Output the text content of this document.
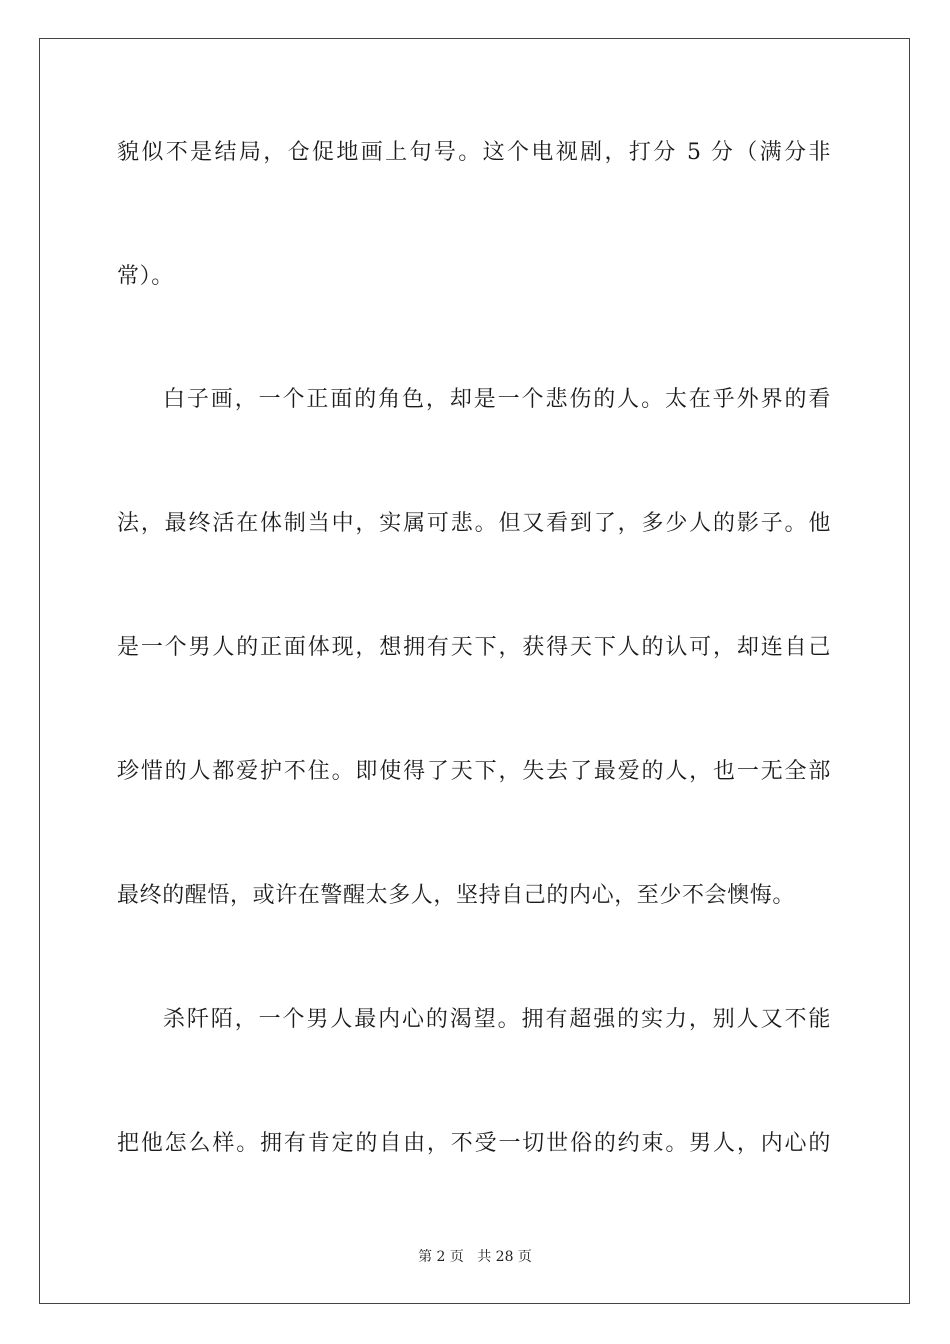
貌似不是结局，仓促地画上句号。这个电视剧，打分 5 分（满分非
常）。
白子画，一个正面的角色，却是一个悲伤的人。太在乎外界的看
法，最终活在体制当中，实属可悲。但又看到了，多少人的影子。他
是一个男人的正面体现，想拥有天下，获得天下人的认可，却连自己
珍惜的人都爱护不住。即使得了天下，失去了最爱的人，也一无全部
最终的醒悟，或许在警醒太多人，坚持自己的内心，至少不会懊悔。
杀阡陌，一个男人最内心的渴望。拥有超强的实力，别人又不能
把他怎么样。拥有肯定的自由，不受一切世俗的约束。男人，内心的
第 2 页   共 28 页
